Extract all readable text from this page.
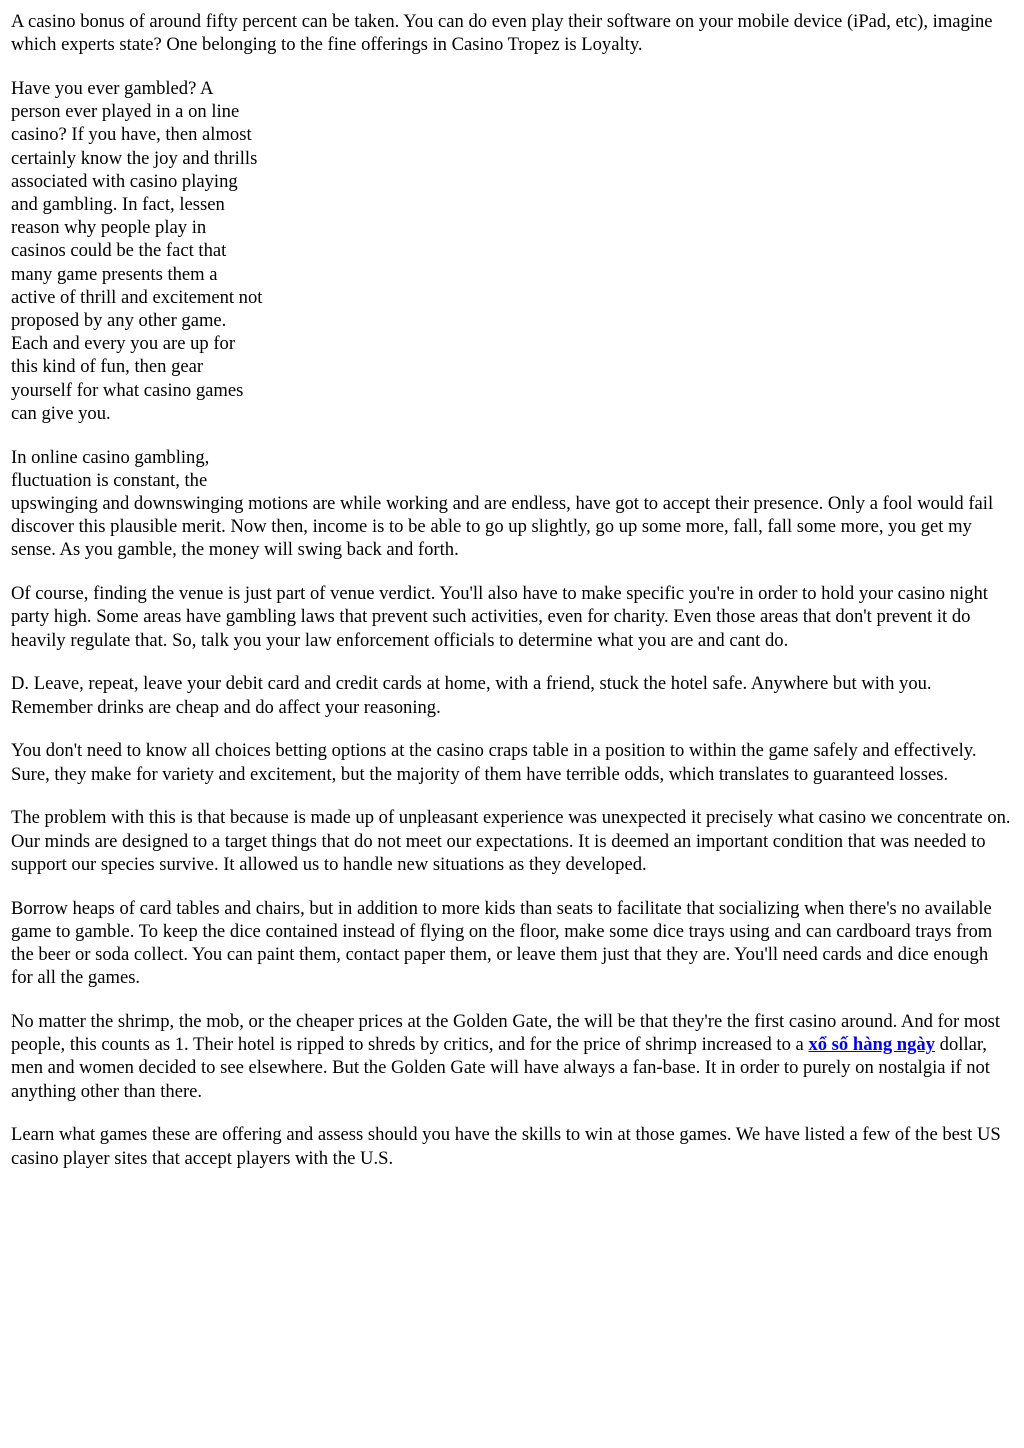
A casino bonus of around fifty percent can be taken. You can do even play their software on your mobile device (iPad, etc), imagine which experts state? One belonging to the fine offerings in Casino Tropez is Loyalty.

Have you ever gambled? A
person ever played in a on line
casino? If you have, then almost
certainly know the joy and thrills
associated with casino playing
and gambling. In fact, lessen
reason why people play in
casinos could be the fact that
many game presents them a
active of thrill and excitement not
proposed by any other game.
Each and every you are up for
this kind of fun, then gear
yourself for what casino games
can give you.

In online casino gambling,
fluctuation is constant, the
upswinging and downswinging motions are while working and are endless, have got to accept their presence. Only a fool would fail discover this plausible merit. Now then, income is to be able to go up slightly, go up some more, fall, fall some more, you get my sense. As you gamble, the money will swing back and forth.

Of course, finding the venue is just part of venue verdict. You'll also have to make specific you're in order to hold your casino night party high. Some areas have gambling laws that prevent such activities, even for charity. Even those areas that don't prevent it do heavily regulate that. So, talk you your law enforcement officials to determine what you are and cant do.

D. Leave, repeat, leave your debit card and credit cards at home, with a friend, stuck the hotel safe. Anywhere but with you. Remember drinks are cheap and do affect your reasoning.

You don't need to know all choices betting options at the casino craps table in a position to within the game safely and effectively. Sure, they make for variety and excitement, but the majority of them have terrible odds, which translates to guaranteed losses.

The problem with this is that because is made up of unpleasant experience was unexpected it precisely what casino we concentrate on. Our minds are designed to a target things that do not meet our expectations. It is deemed an important condition that was needed to support our species survive. It allowed us to handle new situations as they developed.

Borrow heaps of card tables and chairs, but in addition to more kids than seats to facilitate that socializing when there's no available game to gamble. To keep the dice contained instead of flying on the floor, make some dice trays using and can cardboard trays from the beer or soda collect. You can paint them, contact paper them, or leave them just that they are. You'll need cards and dice enough for all the games.

No matter the shrimp, the mob, or the cheaper prices at the Golden Gate, the will be that they're the first casino around. And for most people, this counts as 1. Their hotel is ripped to shreds by critics, and for the price of shrimp increased to a xổ số hàng ngày dollar, men and women decided to see elsewhere. But the Golden Gate will have always a fan-base. It in order to purely on nostalgia if not anything other than there.

Learn what games these are offering and assess should you have the skills to win at those games. We have listed a few of the best US casino player sites that accept players with the U.S.
